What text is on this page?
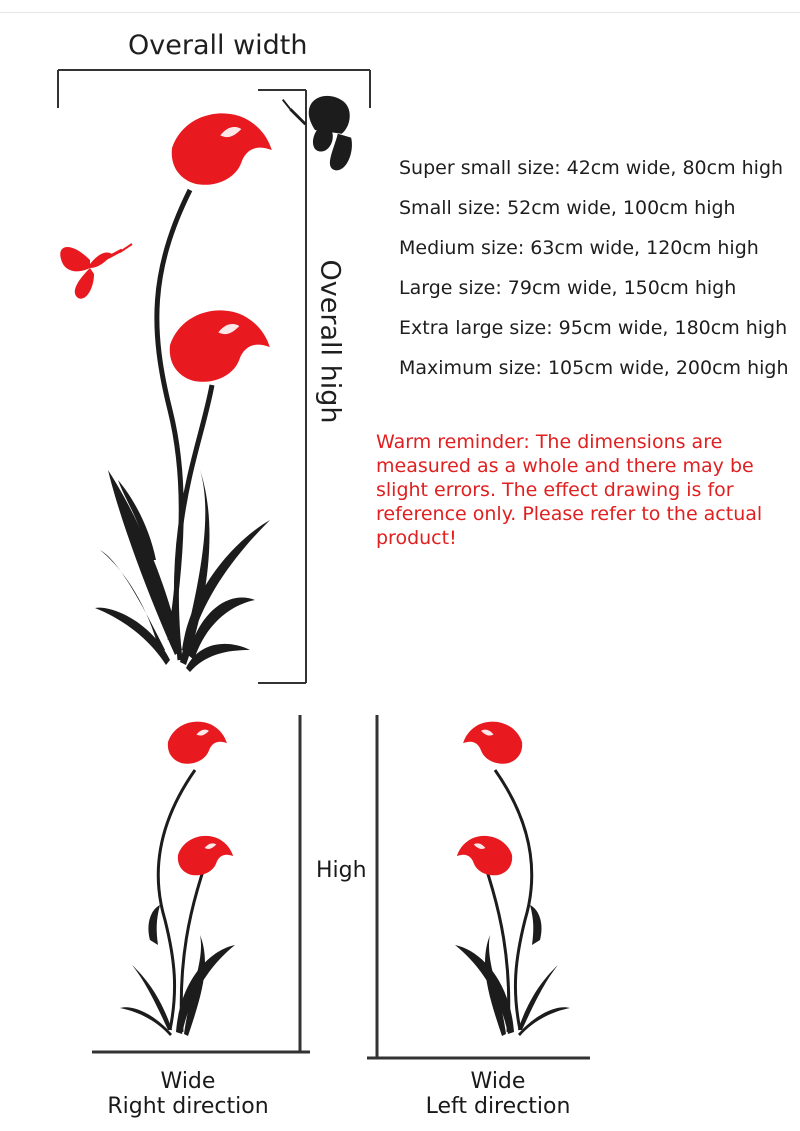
Overall width
Overall high
Super small size: 42cm wide, 80cm high
Small size: 52cm wide, 100cm high
Medium size: 63cm wide, 120cm high
Large size: 79cm wide, 150cm high
Extra large size: 95cm wide, 180cm high
Maximum size: 105cm wide, 200cm high
Warm reminder: The dimensions are measured as a whole and there may be slight errors. The effect drawing is for reference only. Please refer to the actual product!
High
Wide
Right direction
Wide
Left direction
